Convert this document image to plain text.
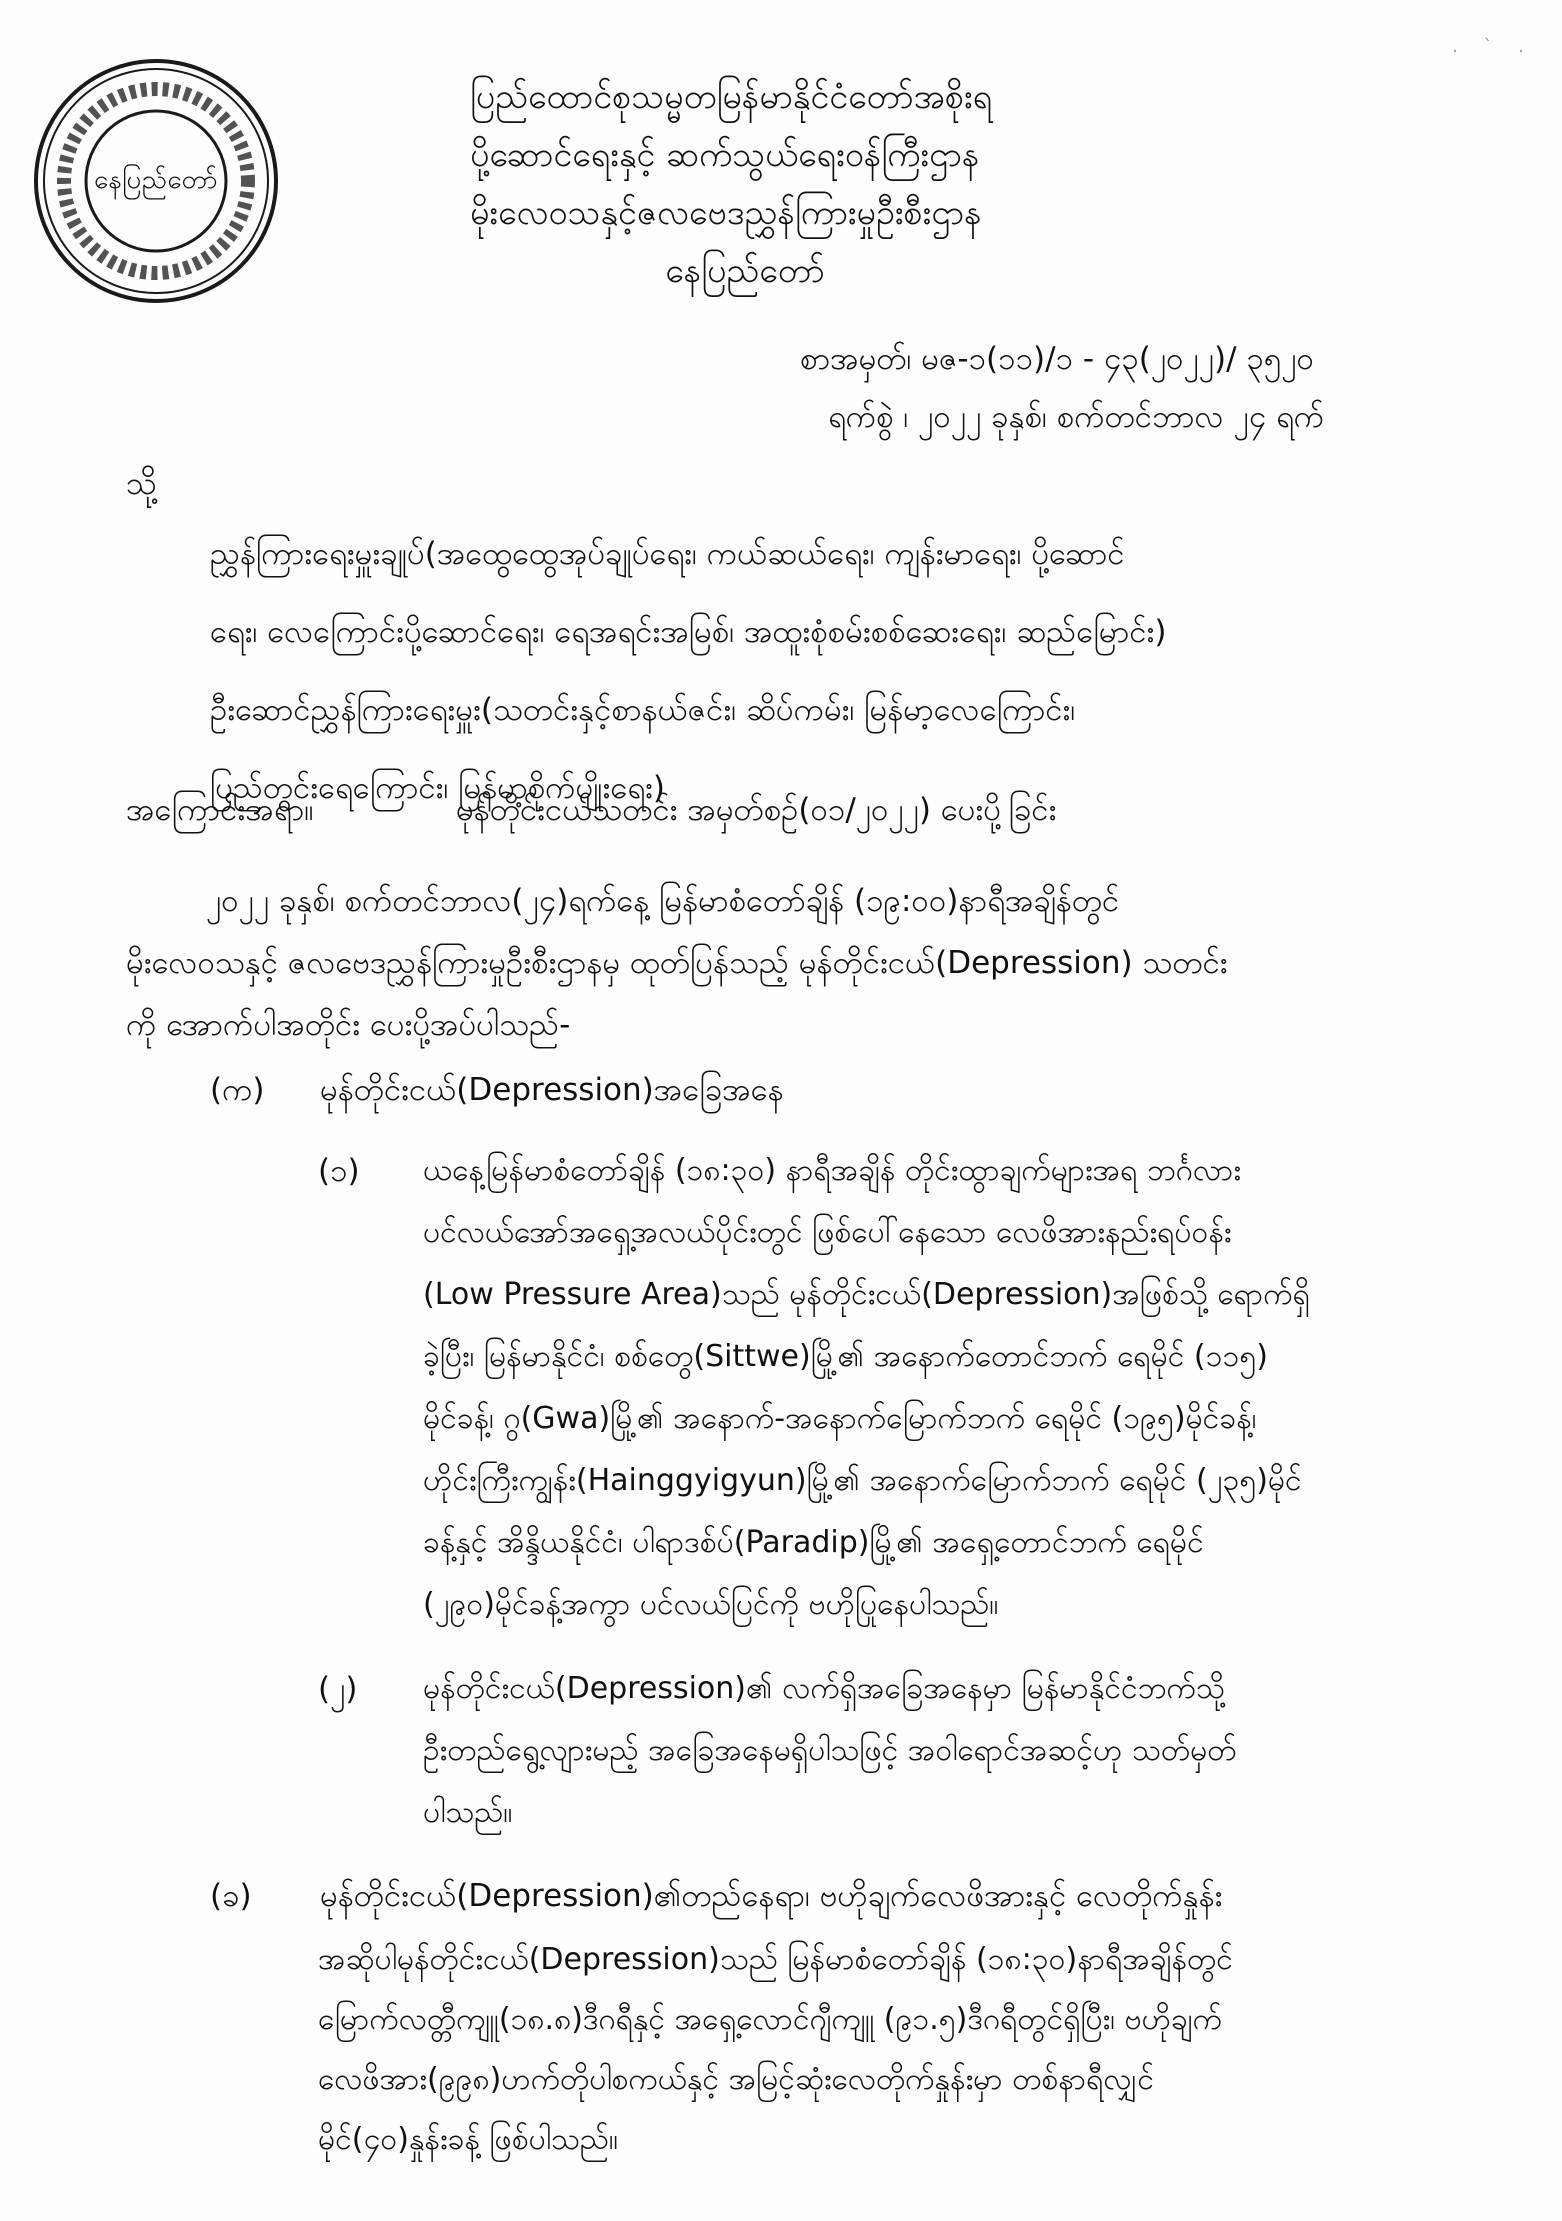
နေပြည်တော်
. ` .
ပြည်ထောင်စုသမ္မတမြန်မာနိုင်ငံတော်အစိုးရ
ပို့ဆောင်ရေးနှင့် ဆက်သွယ်ရေးဝန်ကြီးဌာန
မိုးလေဝသနှင့်ဇလဗေဒညွှန်ကြားမှုဦးစီးဌာန
နေပြည်တော်
စာအမှတ်၊ မဇ-၁(၁၁)/၁ - ၄၃(၂၀၂၂)/ ၃၅၂၀
ရက်စွဲ ၊ ၂၀၂၂ ခုနှစ်၊ စက်တင်ဘာလ ၂၄ ရက်
သို့
ညွှန်ကြားရေးမှူးချုပ်(အထွေထွေအုပ်ချုပ်ရေး၊ ကယ်ဆယ်ရေး၊ ကျန်းမာရေး၊ ပို့ဆောင်
ရေး၊ လေကြောင်းပို့ဆောင်ရေး၊ ရေအရင်းအမြစ်၊ အထူးစုံစမ်းစစ်ဆေးရေး၊ ဆည်မြောင်း)
ဦးဆောင်ညွှန်ကြားရေးမှူး(သတင်းနှင့်စာနယ်ဇင်း၊ ဆိပ်ကမ်း၊ မြန်မာ့လေကြောင်း၊
ပြည်တွင်းရေကြောင်း၊ မြန်မာ့စိုက်ပျိုးရေး)
အကြောင်းအရာ။	မုန်တိုင်းငယ်သတင်း အမှတ်စဉ်(၀၁/၂၀၂၂) ပေးပို့ခြင်း
၂၀၂၂ ခုနှစ်၊ စက်တင်ဘာလ(၂၄)ရက်နေ့ မြန်မာစံတော်ချိန် (၁၉:၀၀)နာရီအချိန်တွင်
မိုးလေဝသနှင့် ဇလဗေဒညွှန်ကြားမှုဦးစီးဌာနမှ ထုတ်ပြန်သည့် မုန်တိုင်းငယ်(Depression) သတင်း
ကို အောက်ပါအတိုင်း ပေးပို့အပ်ပါသည်-
(က) မုန်တိုင်းငယ်(Depression)အခြေအနေ
(၁) ယနေ့မြန်မာစံတော်ချိန် (၁၈:၃၀) နာရီအချိန် တိုင်းထွာချက်များအရ ဘင်္ဂလား
ပင်လယ်အော်အရှေ့အလယ်ပိုင်းတွင် ဖြစ်ပေါ်နေသော လေဖိအားနည်းရပ်ဝန်း
(Low Pressure Area)သည် မုန်တိုင်းငယ်(Depression)အဖြစ်သို့ ရောက်ရှိ
ခဲ့ပြီး၊ မြန်မာနိုင်ငံ၊ စစ်တွေ(Sittwe)မြို့၏ အနောက်တောင်ဘက် ရေမိုင် (၁၁၅)
မိုင်ခန့်၊ ဂွ(Gwa)မြို့၏ အနောက်-အနောက်မြောက်ဘက် ရေမိုင် (၁၉၅)မိုင်ခန့်၊
ဟိုင်းကြီးကျွန်း(Hainggyigyun)မြို့၏ အနောက်မြောက်ဘက် ရေမိုင် (၂၃၅)မိုင်
ခန့်နှင့် အိန္ဒိယနိုင်ငံ၊ ပါရာဒစ်ပ်(Paradip)မြို့၏ အရှေ့တောင်ဘက် ရေမိုင်
(၂၉၀)မိုင်ခန့်အကွာ ပင်လယ်ပြင်ကို ဗဟိုပြုနေပါသည်။
(၂) မုန်တိုင်းငယ်(Depression)၏ လက်ရှိအခြေအနေမှာ မြန်မာနိုင်ငံဘက်သို့
ဦးတည်ရွေ့လျားမည့် အခြေအနေမရှိပါသဖြင့် အဝါရောင်အဆင့်ဟု သတ်မှတ်
ပါသည်။
(ခ) မုန်တိုင်းငယ်(Depression)၏တည်နေရာ၊ ဗဟိုချက်လေဖိအားနှင့် လေတိုက်နှုန်း
အဆိုပါမုန်တိုင်းငယ်(Depression)သည် မြန်မာစံတော်ချိန် (၁၈:၃၀)နာရီအချိန်တွင်
မြောက်လတ္တီကျူ(၁၈.၈)ဒီဂရီနှင့် အရှေ့လောင်ဂျီကျူ (၉၁.၅)ဒီဂရီတွင်ရှိပြီး၊ ဗဟိုချက်
လေဖိအား(၉၉၈)ဟက်တိုပါစကယ်နှင့် အမြင့်ဆုံးလေတိုက်နှုန်းမှာ တစ်နာရီလျှင်
မိုင်(၄၀)နှုန်းခန့် ဖြစ်ပါသည်။
